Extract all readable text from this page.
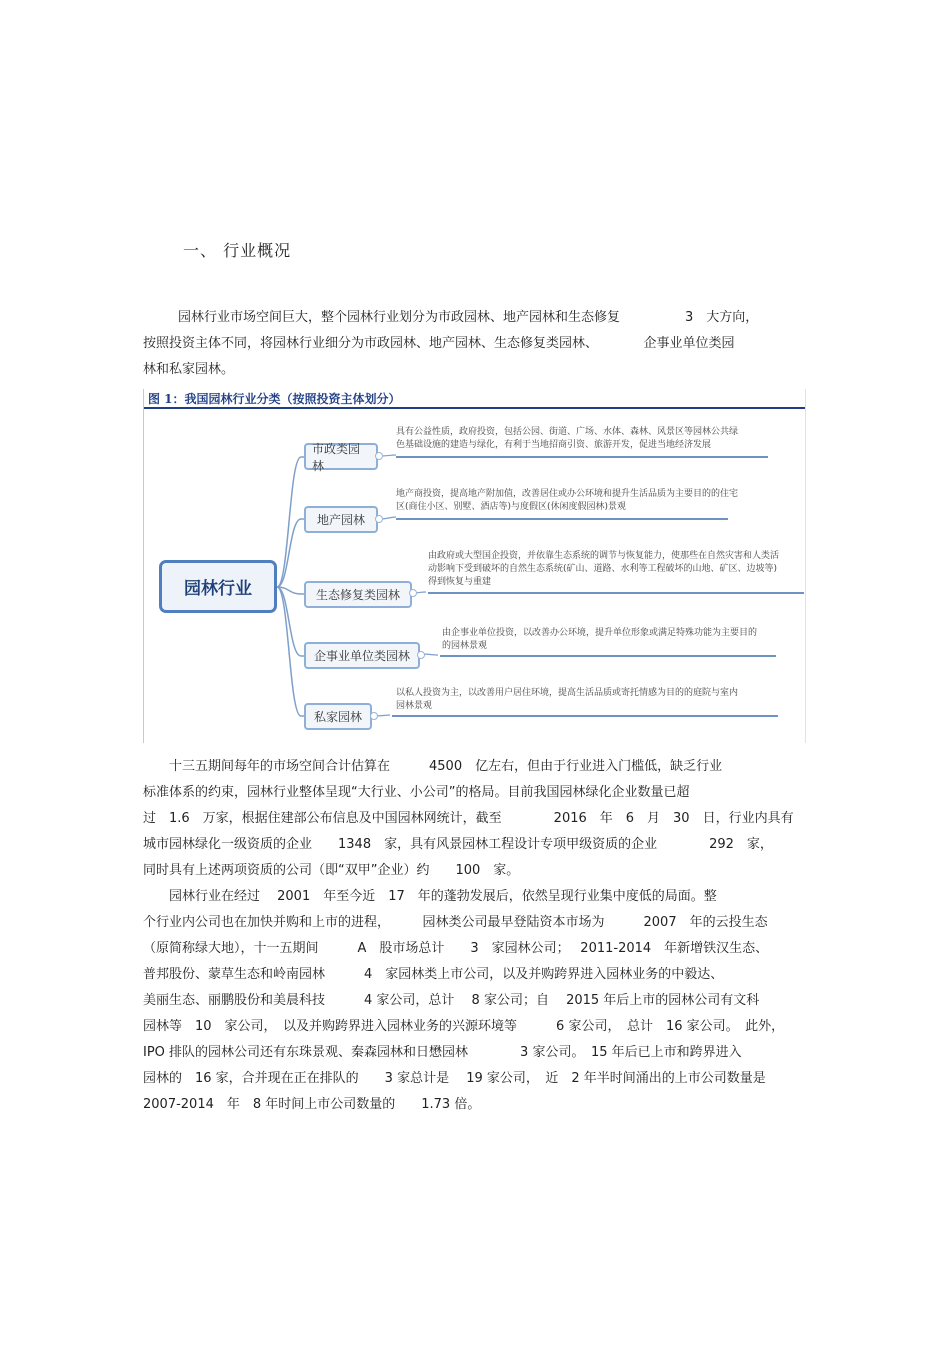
一、 行业概况
园林行业市场空间巨大，整个园林行业划分为市政园林、地产园林和生态修复　　　　　3　大方向，
按照投资主体不同，将园林行业细分为市政园林、地产园林、生态修复类园林、　　　　企事业单位类园
林和私家园林。
图 1：我国园林行业分类（按照投资主体划分）
园林行业
市政类园林
具有公益性质，政府投资，包括公园、街道、广场、水体、森林、风景区等园林公共绿
色基础设施的建造与绿化，有利于当地招商引资、旅游开发，促进当地经济发展
地产园林
地产商投资，提高地产附加值，改善居住或办公环境和提升生活品质为主要目的的住宅
区(商住小区、别墅、酒店等)与度假区(休闲度假园林)景观
生态修复类园林
由政府或大型国企投资，并依靠生态系统的调节与恢复能力，使那些在自然灾害和人类活
动影响下受到破坏的自然生态系统(矿山、道路、水利等工程破坏的山地、矿区、边坡等)
得到恢复与重建
企事业单位类园林
由企事业单位投资，以改善办公环境，提升单位形象或满足特殊功能为主要目的
的园林景观
私家园林
以私人投资为主，以改善用户居住环境，提高生活品质或寄托情感为目的的庭院与室内
园林景观
　　十三五期间每年的市场空间合计估算在　　　4500　亿左右，但由于行业进入门槛低，缺乏行业
标准体系的约束，园林行业整体呈现“大行业、小公司”的格局。目前我国园林绿化企业数量已超
过　1.6　万家，根据住建部公布信息及中国园林网统计，截至　　　　2016　年　6　月　30　日，行业内具有
城市园林绿化一级资质的企业　　1348　家，具有风景园林工程设计专项甲级资质的企业　　　　292　家，
同时具有上述两项资质的公司（即“双甲”企业）约　　100　家。
　　园林行业在经过　 2001　年至今近　17　年的蓬勃发展后，依然呈现行业集中度低的局面。整
个行业内公司也在加快并购和上市的进程，　　　园林类公司最早登陆资本市场为　　　2007　年的云投生态
（原简称绿大地），十一五期间　　　A　股市场总计　　3　家园林公司；　 2011-2014　年新增铁汉生态、
普邦股份、蒙草生态和岭南园林　　　4　家园林类上市公司，以及并购跨界进入园林业务的中毅达、
美丽生态、丽鹏股份和美晨科技　　　4 家公司，总计　 8 家公司；自　 2015 年后上市的园林公司有文科
园林等　10　家公司，　以及并购跨界进入园林业务的兴源环境等　　　6 家公司，　总计　16 家公司。　此外，
IPO 排队的园林公司还有东珠景观、秦森园林和日懋园林　　　　3 家公司。　15 年后已上市和跨界进入
园林的　16 家，合并现在正在排队的　　3 家总计是　 19 家公司，　近　2 年半时间涌出的上市公司数量是
2007-2014　年　8 年时间上市公司数量的　　1.73 倍。
